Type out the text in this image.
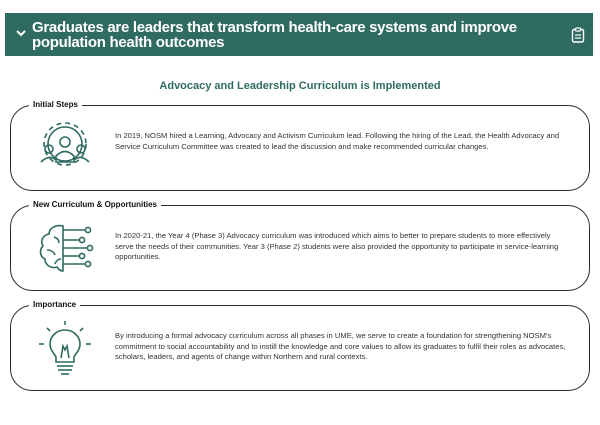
Graduates are leaders that transform health-care systems and improve population health outcomes
Advocacy and Leadership Curriculum is Implemented
Initial Steps
In 2019, NOSM hired a Learning, Advocacy and Activism Curriculum lead. Following the hiring of the Lead, the Health Advocacy and Service Curriculum Committee was created to lead the discussion and make recommended curricular changes.
New Curriculum & Opportunities
In 2020-21, the Year 4 (Phase 3) Advocacy curriculum was introduced which aims to better to prepare students to more effectively serve the needs of their communities. Year 3 (Phase 2) students were also provided the opportunity to participate in service-learning opportunities.
Importance
By introducing a formal advocacy curriculum across all phases in UME, we serve to create a foundation for strengthening NOSM's commitment to social accountability and to instill the knowledge and core values to allow its graduates to fulfil their roles as advocates, scholars, leaders, and agents of change within Northern and rural contexts.
